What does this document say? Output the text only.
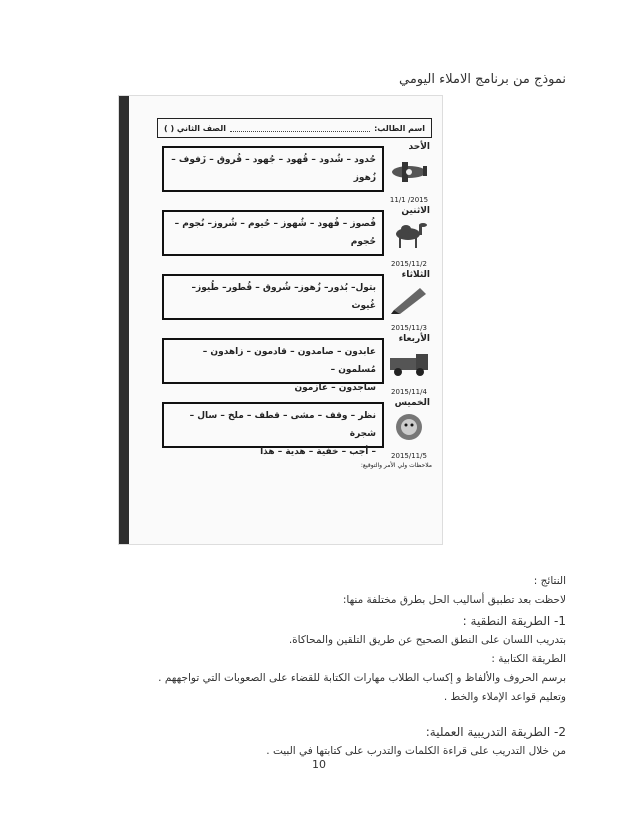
نموذج من برنامج الاملاء اليومي
اسم الطالب:
الصف الثاني ( )
الأحد
حُدود – شُدود – قُهود – جُهود – قُروق – زَفوف –
زُهوز
2015/ 11/1
الاثنين
فُصوز – فُهود – شُهوز – حُيوم – شُروز– نُجوم –
حُجوم
2015/11/2
الثلاثاء
بتول– بُذور– زُهوز– شُروق – قُطور– طُيوز– غُيوث
2015/11/3
الأربعاء
عابدون – صامدون – قادمون – زاهدون – مُسلمون –
ساجدون – عازمون	2015/11/4
الخميس
نظر – وقف – مشى – قطف – ملخ – سال – شجرة
– أجب – خفية – هدية – هذا	2015/11/5
ملاحظات ولي الأمر والتوقيع:

النتائج :

لاحظت بعد تطبيق أساليب الحل بطرق مختلفة منها:

1- الطريقة النطقية :

بتدريب اللسان على النطق الصحيح عن طريق التلقين والمحاكاة.

الطريقة الكتابية :

برسم الحروف والألفاظ و إكساب الطلاب مهارات الكتابة للقضاء على الصعوبات التي تواجههم .

وتعليم قواعد الإملاء والخط .

2- الطريقة التدريبية العملية:

من خلال التدريب على قراءة الكلمات والتدرب على كتابتها في البيت .

10
